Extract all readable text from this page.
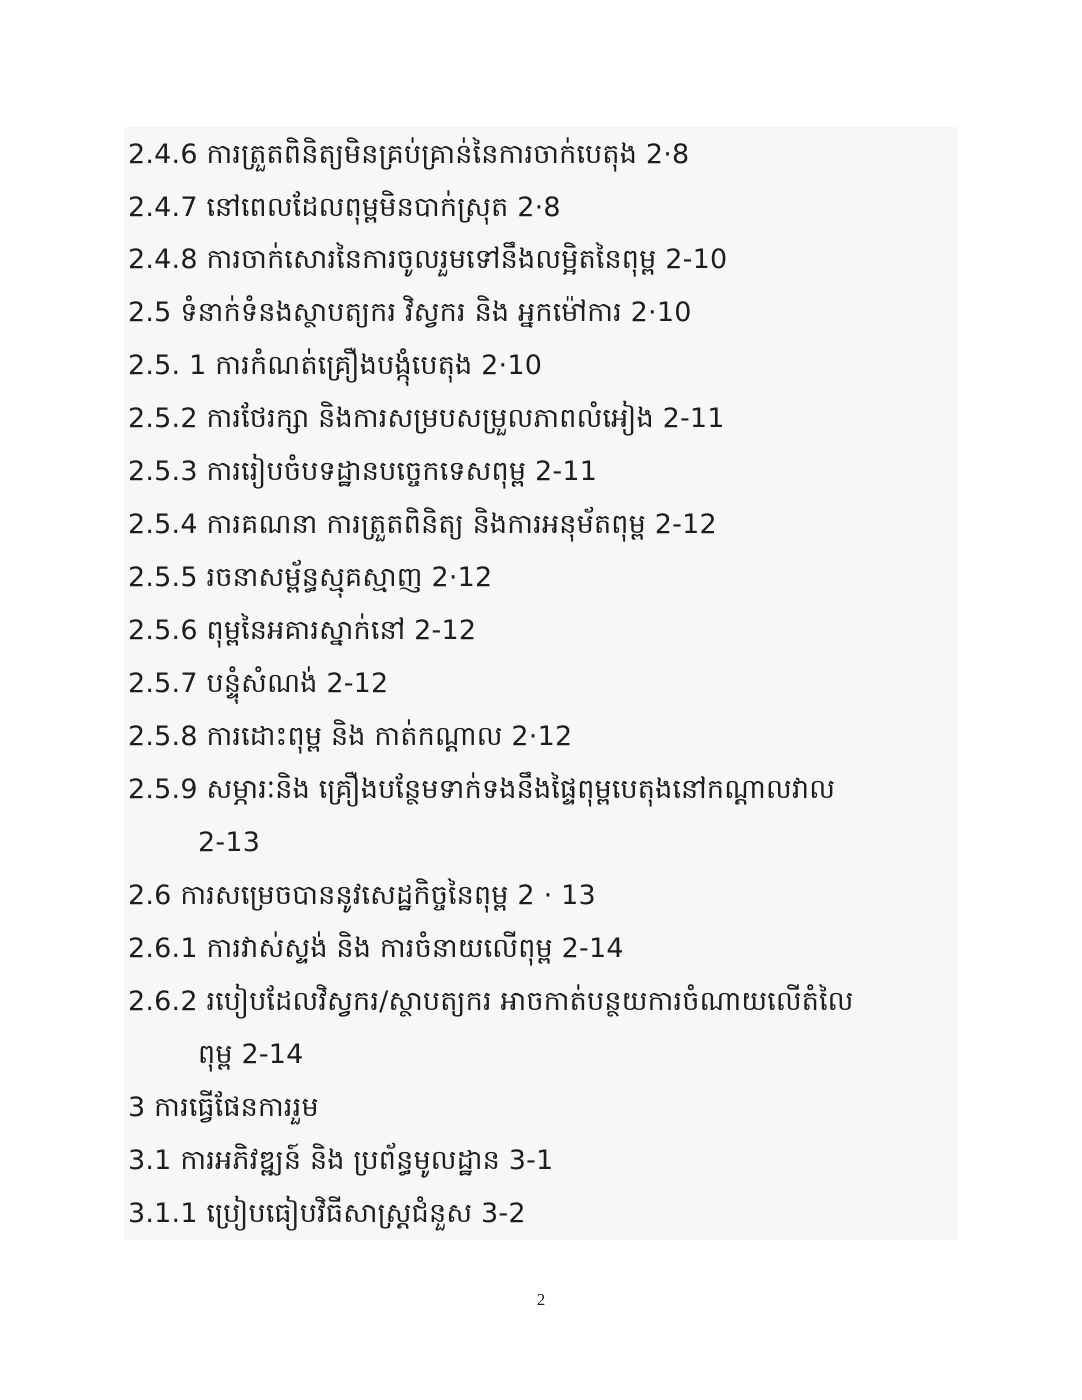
2.4.6 ការត្រួតពិនិត្យមិនគ្រប់គ្រាន់នៃការចាក់បេតុង 2·8
2.4.7 នៅពេលដែលពុម្ពមិនបាក់ស្រុត 2·8
2.4.8 ការចាក់សោរនៃការចូលរួមទៅនឹងលម្អិតនៃពុម្ព 2-10
2.5 ទំនាក់ទំនងស្ថាបត្យករ វិស្វករ និង អ្នកម៉ៅការ 2·10
2.5. 1 ការកំណត់គ្រឿងបង្កុំបេតុង 2·10
2.5.2 ការថែរក្សា និងការសម្របសម្រួលភាពលំអៀង 2-11
2.5.3 ការរៀបចំបទដ្ឋានបច្ចេកទេសពុម្ព 2-11
2.5.4 ការគណនា ការត្រួតពិនិត្យ និងការអនុម័តពុម្ព 2-12
2.5.5 រចនាសម្ព័ន្ធស្មុគស្មាញ 2·12
2.5.6 ពុម្ពនៃអគារស្នាក់នៅ 2-12
2.5.7 បន្ទុំសំណង់ 2-12
2.5.8 ការដោះពុម្ព និង កាត់កណ្តាល 2·12
2.5.9 សម្ភារៈនិង គ្រឿងបន្ថែមទាក់ទងនឹងផ្ទៃពុម្ពបេតុងនៅកណ្តាលវាល
2-13
2.6 ការសម្រេចបាននូវសេដ្ឋកិច្ចនៃពុម្ព 2 · 13
2.6.1 ការវាស់ស្ទង់ និង ការចំនាយលើពុម្ព 2-14
2.6.2 របៀបដែលវិស្វករ/ស្ថាបត្យករ អាចកាត់បន្ថយការចំណាយលើតំលៃ
ពុម្ព 2-14
3 ការធ្វើផែនការរួម
3.1 ការអភិវឌ្ឍន៍ និង ប្រព័ន្ធមូលដ្ឋាន 3-1
3.1.1 ប្រៀបធៀបវិធីសាស្រ្តជំនួស 3-2
2
